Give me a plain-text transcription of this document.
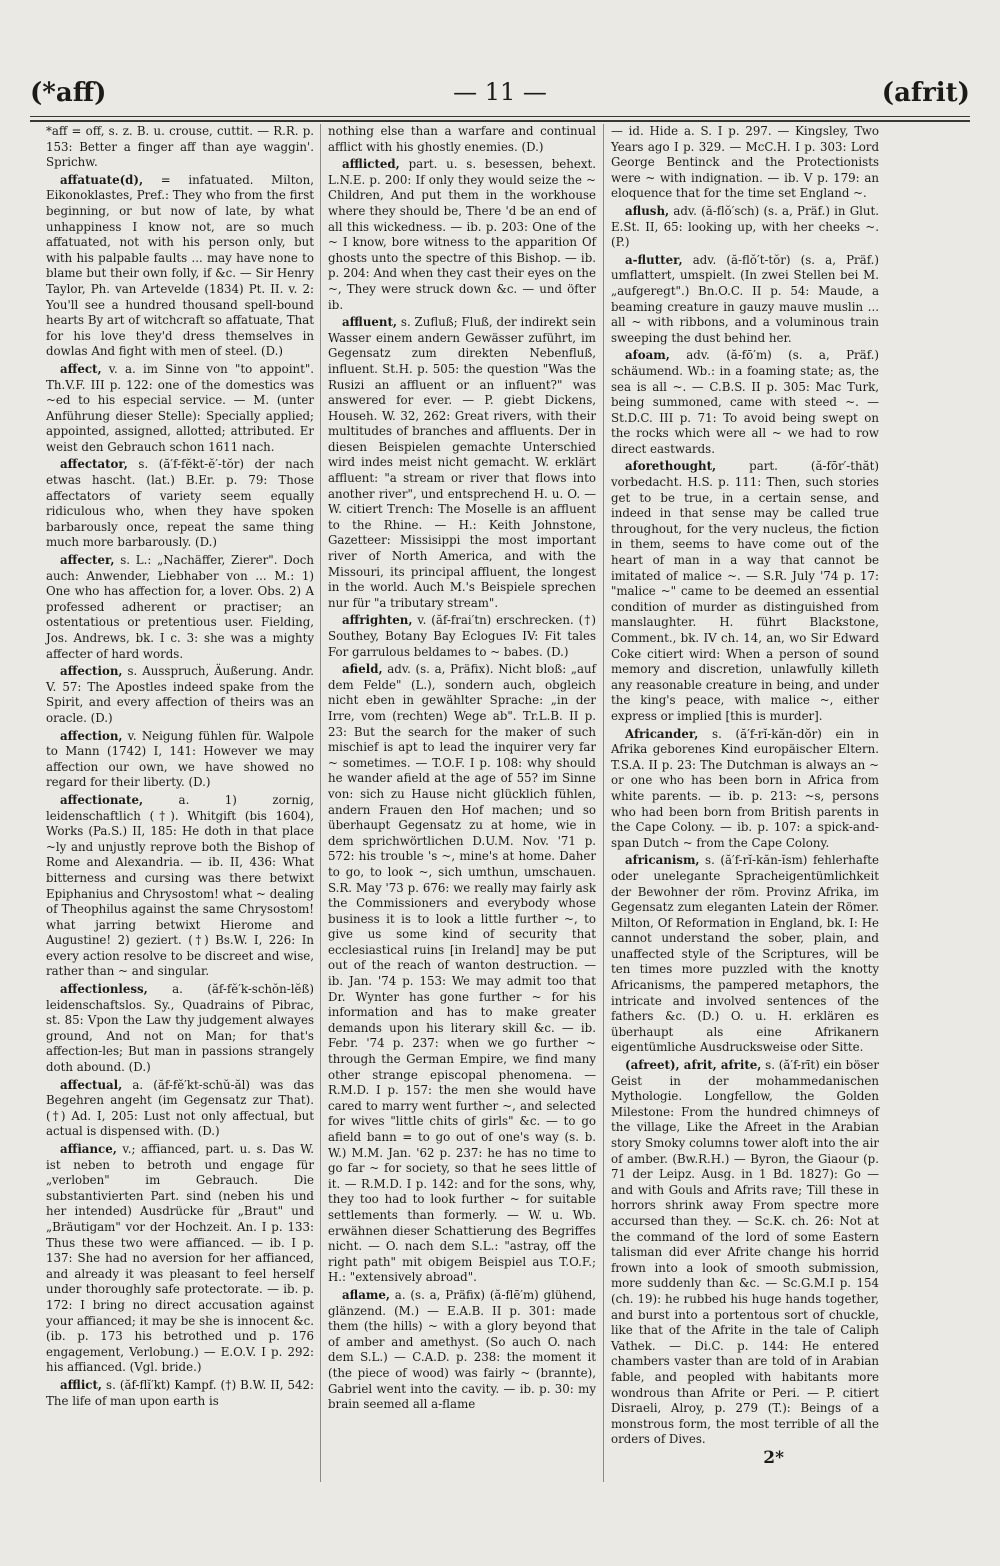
(*aff)	— 11 —	(afrit)

*aff = off, s. z. B. u. crouse, cuttit. — R.R. p. 153: Better a finger aff than aye waggin'. Sprichw.

affatuate(d), = infatuated. Milton, Eikonoklastes, Pref.: They who from the first beginning, or but now of late, by what unhappiness I know not, are so much affatuated, not with his person only, but with his palpable faults ... may have none to blame but their own folly, if &c. — Sir Henry Taylor, Ph. van Artevelde (1834) Pt. II. v. 2: You'll see a hundred thousand spell-bound hearts By art of witchcraft so affatuate, That for his love they'd dress themselves in dowlas And fight with men of steel. (D.)

affect, v. a. im Sinne von "to appoint". Th.V.F. III p. 122: one of the domestics was ~ed to his especial service. — M. (unter Anführung dieser Stelle): Specially applied; appointed, assigned, allotted; attributed. Er weist den Gebrauch schon 1611 nach.

affectator, s. (ă′f-fĕkt-ĕ′-tŏr) der nach etwas hascht. (lat.) B.Er. p. 79: Those affectators of variety seem equally ridiculous who, when they have spoken barbarously once, repeat the same thing much more barbarously. (D.)

affecter, s. L.: „Nachäffer, Zierer". Doch auch: Anwender, Liebhaber von ... M.: 1) One who has affection for, a lover. Obs. 2) A professed adherent or practiser; an ostentatious or pretentious user. Fielding, Jos. Andrews, bk. I c. 3: she was a mighty affecter of hard words.

affection, s. Ausspruch, Äußerung. Andr. V. 57: The Apostles indeed spake from the Spirit, and every affection of theirs was an oracle. (D.)

affection, v. Neigung fühlen für. Walpole to Mann (1742) I, 141: However we may affection our own, we have showed no regard for their liberty. (D.)

affectionate, a. 1) zornig, leidenschaftlich (†). Whitgift (bis 1604), Works (Pa.S.) II, 185: He doth in that place ~ly and unjustly reprove both the Bishop of Rome and Alexandria. — ib. II, 436: What bitterness and cursing was there betwixt Epiphanius and Chrysostom! what ~ dealing of Theophilus against the same Chrysostom! what jarring betwixt Hierome and Augustine! 2) geziert. (†) Bs.W. I, 226: In every action resolve to be discreet and wise, rather than ~ and singular.

affectionless, a. (ăf-fĕ′k-schŏn-lĕß) leidenschaftslos. Sy., Quadrains of Pibrac, st. 85: Vpon the Law thy judgement alwayes ground, And not on Man; for that's affection-les; But man in passions strangely doth abound. (D.)

affectual, a. (ăf-fĕ′kt-schŭ-ăl) was das Begehren angeht (im Gegensatz zur That). (†) Ad. I, 205: Lust not only affectual, but actual is dispensed with. (D.)

affiance, v.; affianced, part. u. s. Das W. ist neben to betroth und engage für „verloben" im Gebrauch. Die substantivierten Part. sind (neben his und her intended) Ausdrücke für „Braut" und „Bräutigam" vor der Hochzeit. An. I p. 133: Thus these two were affianced. — ib. I p. 137: She had no aversion for her affianced, and already it was pleasant to feel herself under thoroughly safe protectorate. — ib. p. 172: I bring no direct accusation against your affianced; it may be she is innocent &c. (ib. p. 173 his betrothed und p. 176 engagement, Verlobung.) — E.O.V. I p. 292: his affianced. (Vgl. bride.)

afflict, s. (ăf-flĭ′kt) Kampf. (†) B.W. II, 542: The life of man upon earth is

nothing else than a warfare and continual afflict with his ghostly enemies. (D.)

afflicted, part. u. s. besessen, behext. L.N.E. p. 200: If only they would seize the ~ Children, And put them in the workhouse where they should be, There 'd be an end of all this wickedness. — ib. p. 203: One of the ~ I know, bore witness to the apparition Of ghosts unto the spectre of this Bishop. — ib. p. 204: And when they cast their eyes on the ~, They were struck down &c. — und öfter ib.

affluent, s. Zufluß; Fluß, der indirekt sein Wasser einem andern Gewässer zuführt, im Gegensatz zum direkten Nebenfluß, influent. St.H. p. 505: the question "Was the Rusizi an affluent or an influent?" was answered for ever. — P. giebt Dickens, Househ. W. 32, 262: Great rivers, with their multitudes of branches and affluents. Der in diesen Beispielen gemachte Unterschied wird indes meist nicht gemacht. W. erklärt affluent: "a stream or river that flows into another river", und entsprechend H. u. O. — W. citiert Trench: The Moselle is an affluent to the Rhine. — H.: Keith Johnstone, Gazetteer: Missisippi the most important river of North America, and with the Missouri, its principal affluent, the longest in the world. Auch M.'s Beispiele sprechen nur für "a tributary stream".

affrighten, v. (ăf-frai′tn) erschrecken. (†) Southey, Botany Bay Eclogues IV: Fit tales For garrulous beldames to ~ babes. (D.)

afield, adv. (s. a, Präfix). Nicht bloß: „auf dem Felde" (L.), sondern auch, obgleich nicht eben in gewählter Sprache: „in der Irre, vom (rechten) Wege ab". Tr.L.B. II p. 23: But the search for the maker of such mischief is apt to lead the inquirer very far ~ sometimes. — T.O.F. I p. 108: why should he wander afield at the age of 55? im Sinne von: sich zu Hause nicht glücklich fühlen, andern Frauen den Hof machen; und so überhaupt Gegensatz zu at home, wie in dem sprichwörtlichen D.U.M. Nov. '71 p. 572: his trouble 's ~, mine's at home. Daher to go, to look ~, sich umthun, umschauen. S.R. May '73 p. 676: we really may fairly ask the Commissioners and everybody whose business it is to look a little further ~, to give us some kind of security that ecclesiastical ruins [in Ireland] may be put out of the reach of wanton destruction. — ib. Jan. '74 p. 153: We may admit too that Dr. Wynter has gone further ~ for his information and has to make greater demands upon his literary skill &c. — ib. Febr. '74 p. 237: when we go further ~ through the German Empire, we find many other strange episcopal phenomena. — R.M.D. I p. 157: the men she would have cared to marry went further ~, and selected for wives "little chits of girls" &c. — to go afield bann = to go out of one's way (s. b. W.) M.M. Jan. '62 p. 237: he has no time to go far ~ for society, so that he sees little of it. — R.M.D. I p. 142: and for the sons, why, they too had to look further ~ for suitable settlements than formerly. — W. u. Wb. erwähnen dieser Schattierung des Begriffes nicht. — O. nach dem S.L.: "astray, off the right path" mit obigem Beispiel aus T.O.F.; H.: "extensively abroad".

aflame, a. (s. a, Präfix) (ă-flē′m) glühend, glänzend. (M.) — E.A.B. II p. 301: made them (the hills) ~ with a glory beyond that of amber and amethyst. (So auch O. nach dem S.L.) — C.A.D. p. 238: the moment it (the piece of wood) was fairly ~ (brannte), Gabriel went into the cavity. — ib. p. 30: my brain seemed all a-flame

— id. Hide a. S. I p. 297. — Kingsley, Two Years ago I p. 329. — McC.H. I p. 303: Lord George Bentinck and the Protectionists were ~ with indignation. — ib. V p. 179: an eloquence that for the time set England ~.

aflush, adv. (ă-flŏ′sch) (s. a, Präf.) in Glut. E.St. II, 65: looking up, with her cheeks ~. (P.)

a-flutter, adv. (ă-flŏ′t-tŏr) (s. a, Präf.) umflattert, umspielt. (In zwei Stellen bei M. „aufgeregt".) Bn.O.C. II p. 54: Maude, a beaming creature in gauzy mauve muslin ... all ~ with ribbons, and a voluminous train sweeping the dust behind her.

afoam, adv. (ă-fō′m) (s. a, Präf.) schäumend. Wb.: in a foaming state; as, the sea is all ~. — C.B.S. II p. 305: Mac Turk, being summoned, came with steed ~. — St.D.C. III p. 71: To avoid being swept on the rocks which were all ~ we had to row direct eastwards.

aforethought, part. (ă-fōr′-thăt) vorbedacht. H.S. p. 111: Then, such stories get to be true, in a certain sense, and indeed in that sense may be called true throughout, for the very nucleus, the fiction in them, seems to have come out of the heart of man in a way that cannot be imitated of malice ~. — S.R. July '74 p. 17: "malice ~" came to be deemed an essential condition of murder as distinguished from manslaughter. H. führt Blackstone, Comment., bk. IV ch. 14, an, wo Sir Edward Coke citiert wird: When a person of sound memory and discretion, unlawfully killeth any reasonable creature in being, and under the king's peace, with malice ~, either express or implied [this is murder].

Africander, s. (ă′f-rĭ-kăn-dŏr) ein in Afrika geborenes Kind europäischer Eltern. T.S.A. II p. 23: The Dutchman is always an ~ or one who has been born in Africa from white parents. — ib. p. 213: ~s, persons who had been born from British parents in the Cape Colony. — ib. p. 107: a spick-and-span Dutch ~ from the Cape Colony.

africanism, s. (ă′f-rĭ-kăn-ĭsm) fehlerhafte oder unelegante Spracheigentümlichkeit der Bewohner der röm. Provinz Afrika, im Gegensatz zum eleganten Latein der Römer. Milton, Of Reformation in England, bk. I: He cannot understand the sober, plain, and unaffected style of the Scriptures, will be ten times more puzzled with the knotty Africanisms, the pampered metaphors, the intricate and involved sentences of the fathers &c. (D.) O. u. H. erklären es überhaupt als eine Afrikanern eigentümliche Ausdrucksweise oder Sitte.

(afreet), afrit, afrite, s. (ă′f-rīt) ein böser Geist in der mohammedanischen Mythologie. Longfellow, the Golden Milestone: From the hundred chimneys of the village, Like the Afreet in the Arabian story Smoky columns tower aloft into the air of amber. (Bw.R.H.) — Byron, the Giaour (p. 71 der Leipz. Ausg. in 1 Bd. 1827): Go — and with Gouls and Afrits rave; Till these in horrors shrink away From spectre more accursed than they. — Sc.K. ch. 26: Not at the command of the lord of some Eastern talisman did ever Afrite change his horrid frown into a look of smooth submission, more suddenly than &c. — Sc.G.M.I p. 154 (ch. 19): he rubbed his huge hands together, and burst into a portentous sort of chuckle, like that of the Afrite in the tale of Caliph Vathek. — Di.C. p. 144: He entered chambers vaster than are told of in Arabian fable, and peopled with habitants more wondrous than Afrite or Peri. — P. citiert Disraeli, Alroy, p. 279 (T.): Beings of a monstrous form, the most terrible of all the orders of Dives.

2*
